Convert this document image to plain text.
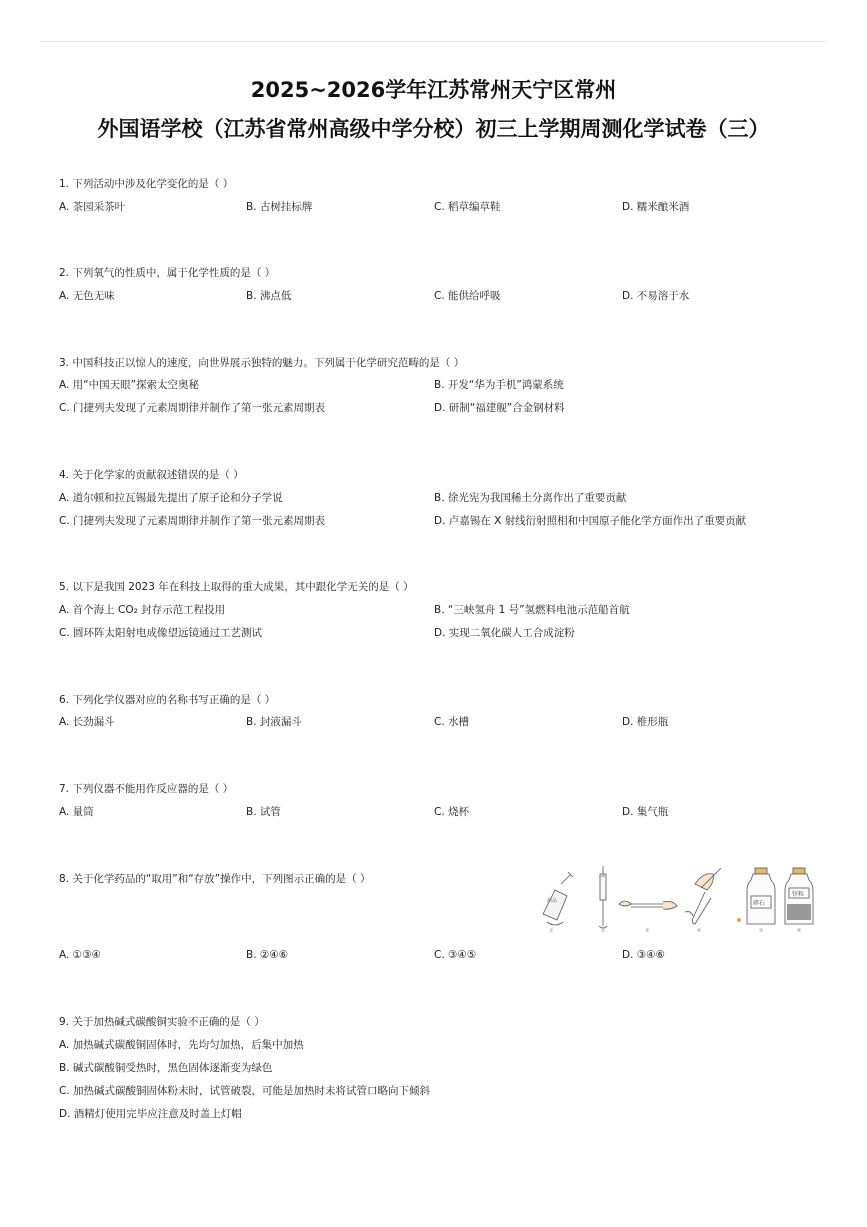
2025~2026学年江苏常州天宁区常州
外国语学校（江苏省常州高级中学分校）初三上学期周测化学试卷（三）
1. 下列活动中涉及化学变化的是（ ）
A. 茶园采茶叶	B. 古树挂标牌	C. 稻草编草鞋	D. 糯米酿米酒
2. 下列氧气的性质中，属于化学性质的是（ ）
A. 无色无味	B. 沸点低	C. 能供给呼吸	D. 不易溶于水
3. 中国科技正以惊人的速度，向世界展示独特的魅力。下列属于化学研究范畴的是（ ）
A. 用“中国天眼”探索太空奥秘	B. 开发“华为手机”鸿蒙系统
C. 门捷列夫发现了元素周期律并制作了第一张元素周期表	D. 研制“福建舰”合金钢材料
4. 关于化学家的贡献叙述错误的是（ ）
A. 道尔顿和拉瓦锡最先提出了原子论和分子学说	B. 徐光宪为我国稀土分离作出了重要贡献
C. 门捷列夫发现了元素周期律并制作了第一张元素周期表	D. 卢嘉锡在 X 射线衍射照相和中国原子能化学方面作出了重要贡献
5. 以下是我国 2023 年在科技上取得的重大成果，其中跟化学无关的是（ ）
A. 首个海上 CO₂ 封存示范工程投用	B. “三峡氢舟 1 号”氢燃料电池示范船首航
C. 圆环阵太阳射电成像望远镜通过工艺测试	D. 实现二氧化碳人工合成淀粉
6. 下列化学仪器对应的名称书写正确的是（ ）
A. 长劲漏斗	B. 封液漏斗	C. 水槽	D. 椎形瓶
7. 下列仪器不能用作反应器的是（ ）
A. 量筒	B. 试管	C. 烧杯	D. 集气瓶
8. 关于化学药品的“取用”和“存放”操作中，下列图示正确的是（ ）
药品	碎石
锌粒
①	②	③	④	⑤	⑥
A. ①③④	B. ②④⑥	C. ③④⑤	D. ③④⑥
9. 关于加热碱式碳酸铜实验不正确的是（ ）
A. 加热碱式碳酸铜固体时，先均匀加热，后集中加热
B. 碱式碳酸铜受热时，黑色固体逐渐变为绿色
C. 加热碱式碳酸铜固体粉末时，试管破裂，可能是加热时未将试管口略向下倾斜
D. 酒精灯使用完毕应注意及时盖上灯帽
